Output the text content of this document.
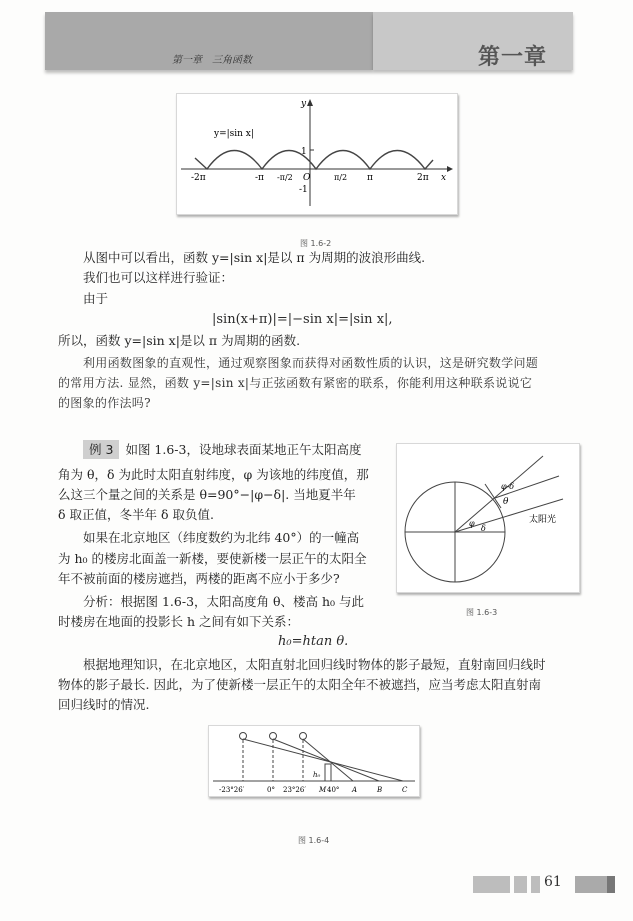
第一章　三角函数	第一章
y
x
1
-1
y=|sin x|
-2π	-π -π/2 O	π/2 π	2π
图 1.6-2
从图中可以看出，函数 y=|sin x|是以 π 为周期的波浪形曲线.
我们也可以这样进行验证：
由于
|sin(x+π)|=|−sin x|=|sin x|,
所以，函数 y=|sin x|是以 π 为周期的函数.
利用函数图象的直观性，通过观察图象而获得对函数性质的认识，这是研究数学问题
的常用方法. 显然，函数 y=|sin x|与正弦函数有紧密的联系，你能利用这种联系说说它
的图象的作法吗?
例 3 如图 1.6-3，设地球表面某地正午太阳高度
角为 θ，δ 为此时太阳直射纬度，φ 为该地的纬度值，那
么这三个量之间的关系是 θ=90°−|φ−δ|. 当地夏半年
δ 取正值，冬半年 δ 取负值.
如果在北京地区（纬度数约为北纬 40°）的一幢高
为 h₀ 的楼房北面盖一新楼，要使新楼一层正午的太阳全
年不被前面的楼房遮挡，两楼的距离不应小于多少?
分析：根据图 1.6-3，太阳高度角 θ、楼高 h₀ 与此
时楼房在地面的投影长 h 之间有如下关系：
h₀=htan θ.
根据地理知识，在北京地区，太阳直射北回归线时物体的影子最短，直射南回归线时
物体的影子最长. 因此，为了使新楼一层正午的太阳全年不被遮挡，应当考虑太阳直射南
回归线时的情况.
φ-δ
θ
φ
δ
太阳光
图 1.6-3
h₀
-23°26′	0° 23°26′ M 40° A	B	C
图 1.6-4
61
